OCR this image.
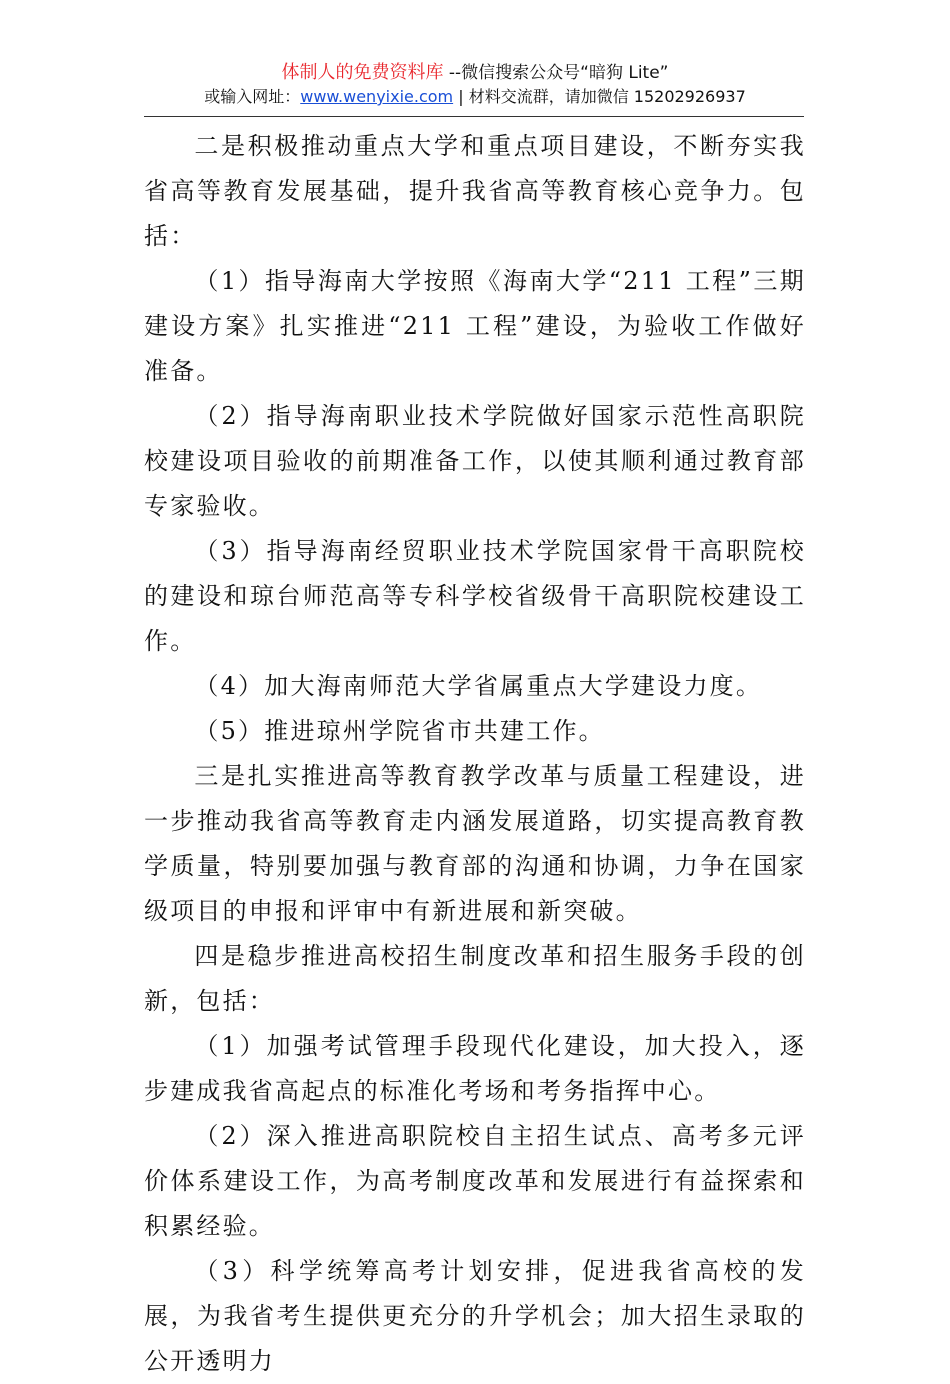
体制人的免费资料库 --微信搜索公众号“暗狗 Lite”
或输入网址：www.wenyixie.com | 材料交流群，请加微信 15202926937

二是积极推动重点大学和重点项目建设，不断夯实我省高等教育发展基础，提升我省高等教育核心竞争力。包括：

（1）指导海南大学按照《海南大学“211 工程”三期建设方案》扎实推进“211 工程”建设，为验收工作做好准备。

（2）指导海南职业技术学院做好国家示范性高职院校建设项目验收的前期准备工作，以使其顺利通过教育部专家验收。

（3）指导海南经贸职业技术学院国家骨干高职院校的建设和琼台师范高等专科学校省级骨干高职院校建设工作。

（4）加大海南师范大学省属重点大学建设力度。

（5）推进琼州学院省市共建工作。

三是扎实推进高等教育教学改革与质量工程建设，进一步推动我省高等教育走内涵发展道路，切实提高教育教学质量，特别要加强与教育部的沟通和协调，力争在国家级项目的申报和评审中有新进展和新突破。

四是稳步推进高校招生制度改革和招生服务手段的创新，包括：

（1）加强考试管理手段现代化建设，加大投入，逐步建成我省高起点的标准化考场和考务指挥中心。

（2）深入推进高职院校自主招生试点、高考多元评价体系建设工作，为高考制度改革和发展进行有益探索和积累经验。

（3）科学统筹高考计划安排，促进我省高校的发展，为我省考生提供更充分的升学机会；加大招生录取的公开透明力
